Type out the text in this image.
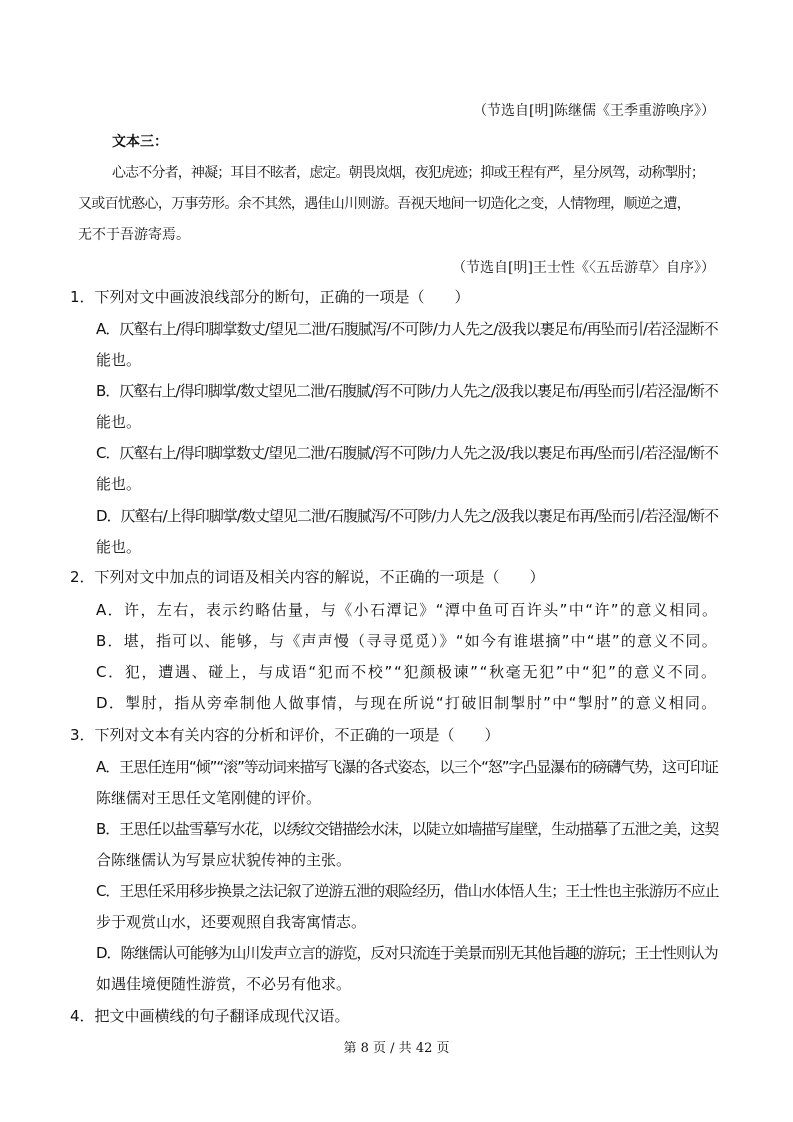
（节选自[明]陈继儒《王季重游唤序》）
文本三：
心志不分者，神凝；耳目不眩者，虑定。朝畏岚烟，夜犯虎迹；抑或王程有严，星分夙驾，动称掣肘；
又或百忧憨心，万事劳形。余不其然，遇佳山川则游。吾视天地间一切造化之变，人情物理，顺逆之遭，
无不于吾游寄焉。
（节选自[明]王士性《〈五岳游草〉自序》）
1．下列对文中画波浪线部分的断句，正确的一项是（　　）
A．仄壑右上/得印脚掌数丈/望见二泄/石腹腻泻/不可陟/力人先之/汲我以裹足布/再坠而引/若泾湿断不
能也。
B．仄壑右上/得印脚掌/数丈望见二泄/石腹腻/泻不可陟/力人先之/汲我以裹足布/再坠而引/若泾湿/断不
能也。
C．仄壑右上/得印脚掌数丈/望见二泄/石腹腻/泻不可陟/力人先之汲/我以裹足布再/坠而引/若泾湿/断不
能也。
D．仄壑右/上得印脚掌/数丈望见二泄/石腹腻泻/不可陟/力人先之/汲我以裹足布再/坠而引/若泾湿/断不
能也。
2．下列对文中加点的词语及相关内容的解说，不正确的一项是（　　）
A．许，左右，表示约略估量，与《小石潭记》“潭中鱼可百许头”中“许”的意义相同。
B．堪，指可以、能够，与《声声慢（寻寻觅觅）》“如今有谁堪摘”中“堪”的意义不同。
C．犯，遭遇、碰上，与成语“犯而不校”“犯颜极谏”“秋毫无犯”中“犯”的意义不同。
D．掣肘，指从旁牵制他人做事情，与现在所说“打破旧制掣肘”中“掣肘”的意义相同。
3．下列对文本有关内容的分析和评价，不正确的一项是（　　）
A．王思任连用“倾”“滚”等动词来描写飞瀑的各式姿态，以三个“怒”字凸显瀑布的磅礴气势，这可印证
陈继儒对王思任文笔刚健的评价。
B．王思任以盐雪摹写水花，以绣纹交错描绘水沫，以陡立如墙描写崖壁，生动描摹了五泄之美，这契
合陈继儒认为写景应状貌传神的主张。
C．王思任采用移步换景之法记叙了逆游五泄的艰险经历，借山水体悟人生；王士性也主张游历不应止
步于观赏山水，还要观照自我寄寓情志。
D．陈继儒认可能够为山川发声立言的游览，反对只流连于美景而别无其他旨趣的游玩；王士性则认为
如遇佳境便随性游赏，不必另有他求。
4．把文中画横线的句子翻译成现代汉语。
第 8 页 / 共 42 页
